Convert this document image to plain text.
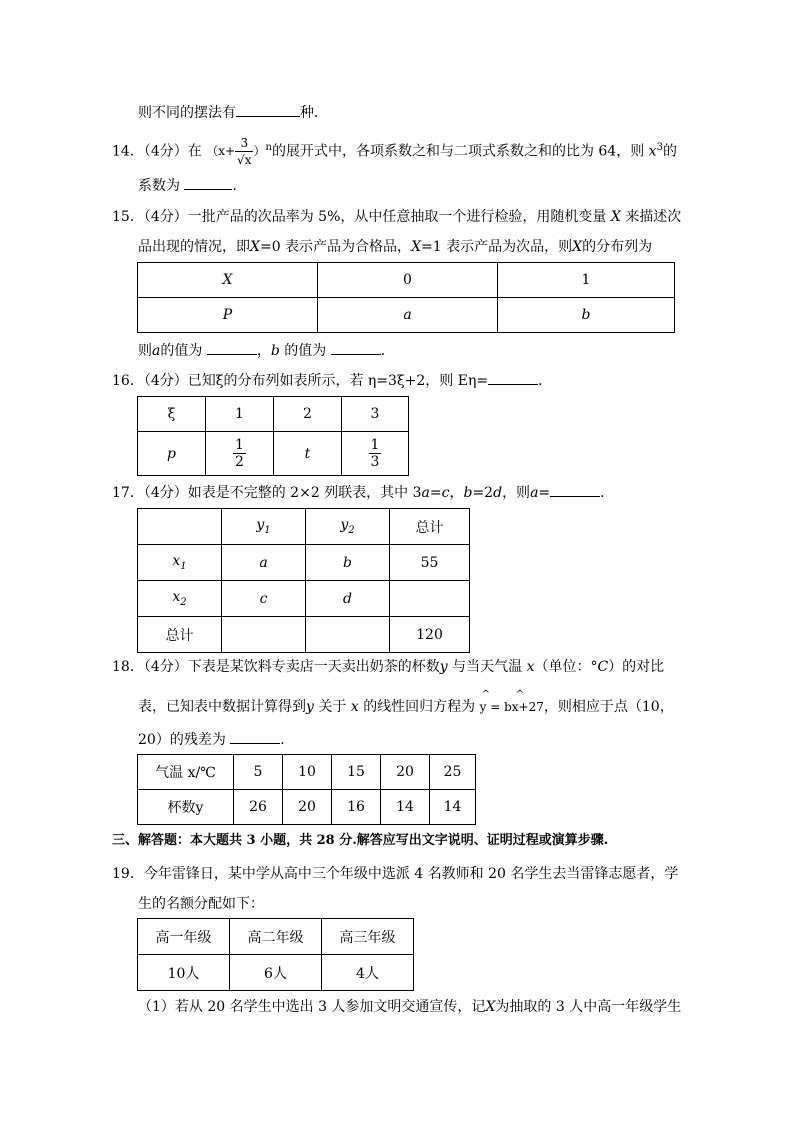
则不同的摆法有	种．
14．（4分）在 $(x+ \frac{3}{√x} )^n$的展开式中，各项系数之和与二项式系数之和的比为 64，则 $x^3$的
系数为	．
15．（4分）一批产品的次品率为 5%，从中任意抽取一个进行检验，用随机变量 X 来描述次
品出现的情况，即X=0 表示产品为合格品，X=1 表示产品为次品，则X的分布列为
X	0	1
P	a	b
则a的值为	，b 的值为	．
16．（4分）已知ξ的分布列如表所示，若 η=3ξ+2，则 Eη=	．
ξ	1	2	3
p	$\frac{1}{2}$	t	$\frac{1}{3}$
17．（4分）如表是不完整的 2×2 列联表，其中 3a=c，b=2d，则a=	．
	$y_1$	$y_2$	总计
$x_1$	a	b	55
$x_2$	c	d	
总计			120
18．（4分）下表是某饮料专卖店一天卖出奶茶的杯数y 与当天气温 x（单位：°C）的对比
表，已知表中数据计算得到y 关于 x 的线性回归方程为
^	^
y = bx+27，则相应于点（10，
20）的残差为	．
气温 x/℃	5	10	15	20	25
杯数y	26	20	16	14	14
三、解答题：本大题共 3 小题，共 28 分.解答应写出文字说明、证明过程或演算步骤.
19．今年雷锋日，某中学从高中三个年级中选派 4 名教师和 20 名学生去当雷锋志愿者，学
生的名额分配如下：
高一年级	高二年级	高三年级
10人	6人	4人
（1）若从 20 名学生中选出 3 人参加文明交通宣传，记X为抽取的 3 人中高一年级学生
